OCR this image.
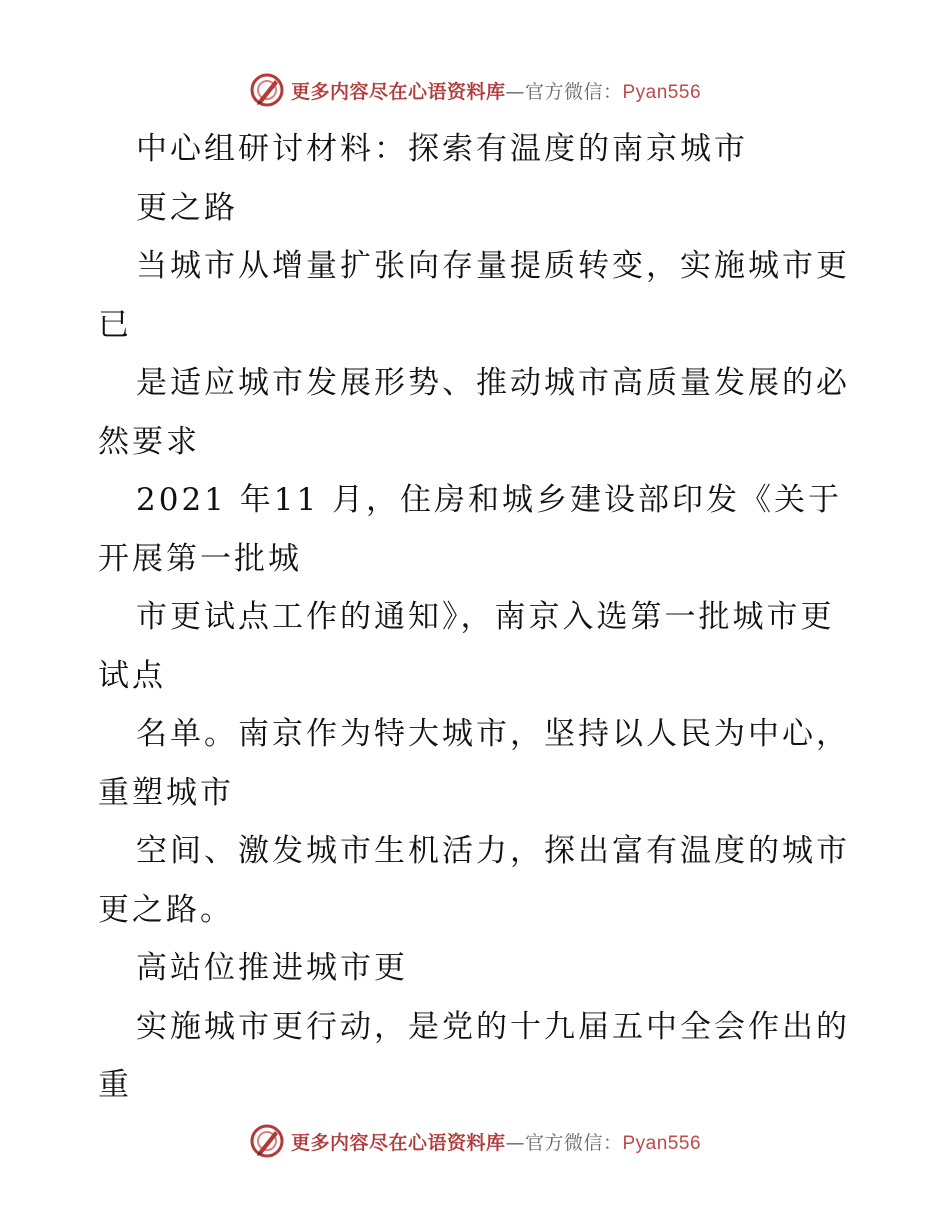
更多内容尽在心语资料库—官方微信：Pyan556
中心组研讨材料：探索有温度的南京城市
更之路
当城市从增量扩张向存量提质转变，实施城市更
已
是适应城市发展形势、推动城市高质量发展的必
然要求
2021 年11 月，住房和城乡建设部印发《关于
开展第一批城
市更试点工作的通知》，南京入选第一批城市更
试点
名单。南京作为特大城市，坚持以人民为中心，
重塑城市
空间、激发城市生机活力，探出富有温度的城市
更之路。
高站位推进城市更
实施城市更行动，是党的十九届五中全会作出的
重
更多内容尽在心语资料库—官方微信：Pyan556
